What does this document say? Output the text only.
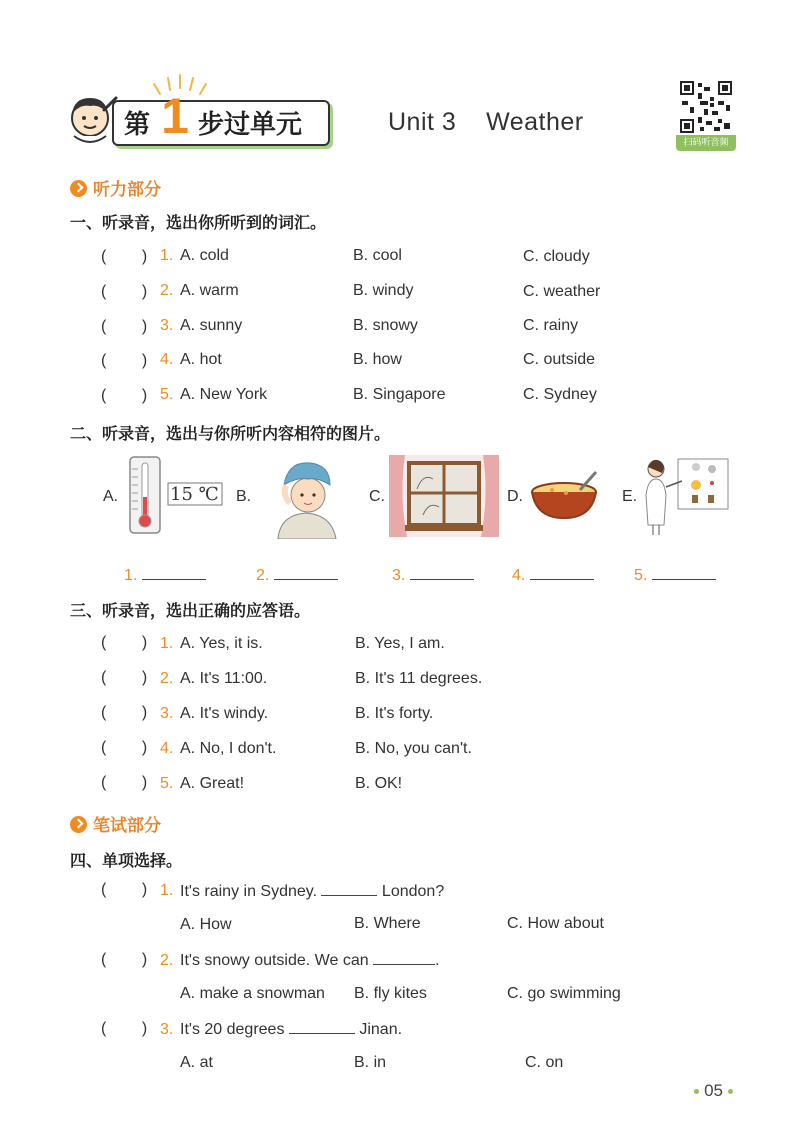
第 1 步过单元	Unit 3    Weather
扫码听音频
听力部分
一、听录音，选出你所听到的词汇。
(        ) 1. A. cold	B. cool	C. cloudy
(        ) 2. A. warm	B. windy	C. weather
(        ) 3. A. sunny	B. snowy	C. rainy
(        ) 4. A. hot	B. how	C. outside
(        ) 5. A. New York	B. Singapore	C. Sydney
二、听录音，选出与你所听内容相符的图片。
A.	15 ℃ B.	C.	D.	E.
1.	2.	3.	4.	5.
三、听录音，选出正确的应答语。
(        ) 1. A. Yes, it is.	B. Yes, I am.
(        ) 2. A. It's 11:00.	B. It's 11 degrees.
(        ) 3. A. It's windy.	B. It's forty.
(        ) 4. A. No, I don't.	B. No, you can't.
(        ) 5. A. Great!	B. OK!
笔试部分
四、单项选择。
(        ) 1. It's rainy in Sydney.	London?
A. How	B. Where	C. How about
(        ) 2. It's snowy outside. We can	.
A. make a snowman B. fly kites	C. go swimming
(        ) 3. It's 20 degrees	Jinan.
A. at	B. in	C. on
05
